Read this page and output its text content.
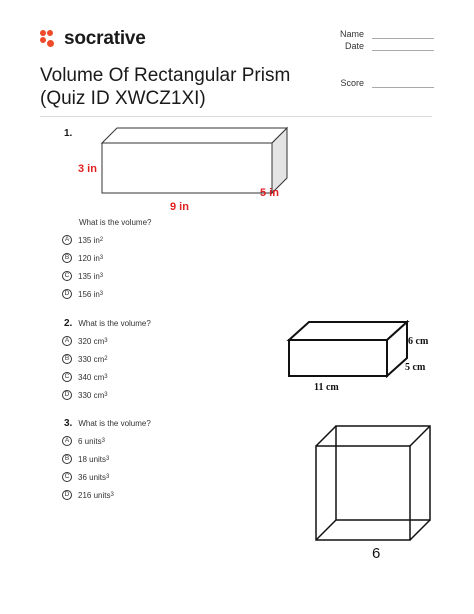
socrative	Name
Date
Score
Volume Of Rectangular Prism
(Quiz ID XWCZ1XI)
1.
3 in
9 in
5 in
What is the volume?
A	135 in 2
B	120 in 3
C	135 in 3
D	156 in 3
2. What is the volume?
A	320 cm 3
B	330 cm 2
C	340 cm 3
D	330 cm 3
6 cm
5 cm
11 cm
3. What is the volume?
A	6 units 3
B	18 units 3
C	36 units 3
D	216 units 3
6
